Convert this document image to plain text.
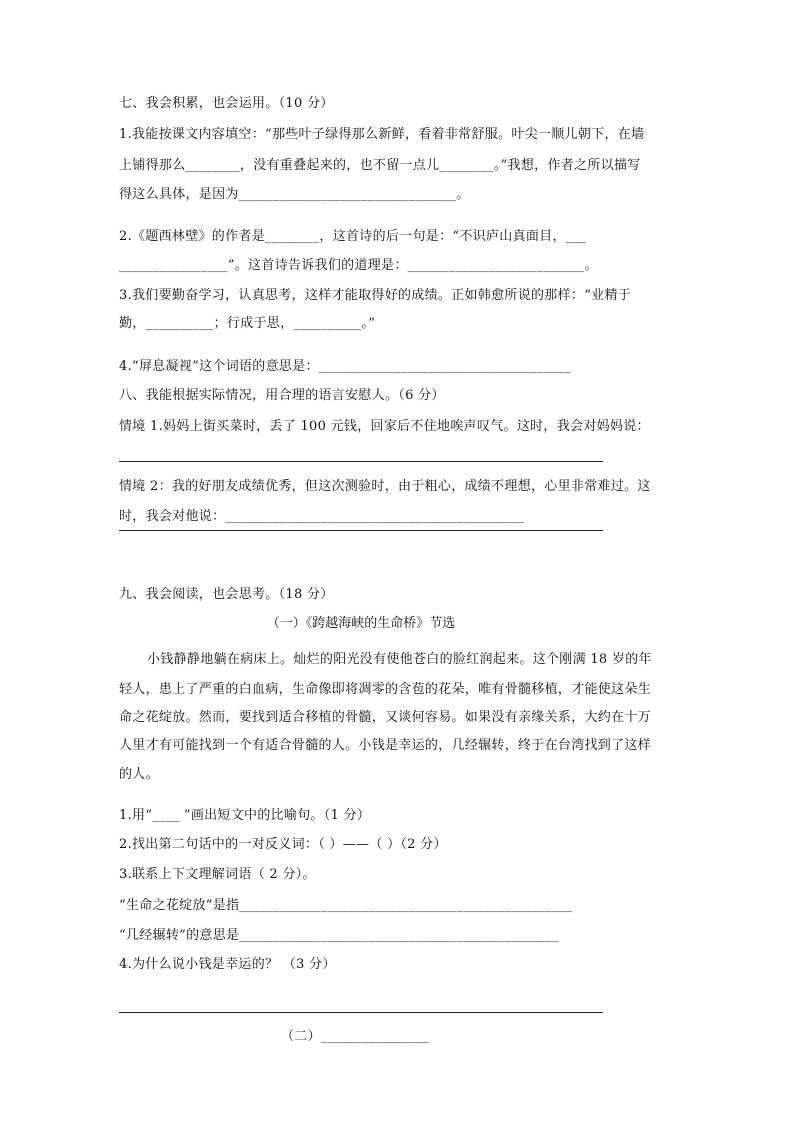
七、我会积累，也会运用。（10 分）
1.我能按课文内容填空：“那些叶子绿得那么新鲜，看着非常舒服。叶尖一顺儿朝下，在墙
上铺得那么________，没有重叠起来的，也不留一点儿________。”我想，作者之所以描写
得这么具体，是因为________________________________。
2.《题西林壁》的作者是________，这首诗的后一句是：“不识庐山真面目，___
________________”。这首诗告诉我们的道理是：__________________________。
3.我们要勤奋学习，认真思考，这样才能取得好的成绩。正如韩愈所说的那样：“业精于
勤，__________；行成于思，__________。”
4.“屏息凝视”这个词语的意思是：_____________________________________
八、我能根据实际情况，用合理的语言安慰人。（6 分）
情境 1.妈妈上街买菜时，丢了 100 元钱，回家后不住地唉声叹气。这时，我会对妈妈说：
情境 2：我的好朋友成绩优秀，但这次测验时，由于粗心，成绩不理想，心里非常难过。这
时，我会对他说：____________________________________________
九、我会阅读，也会思考。（18 分）
（一）《跨越海峡的生命桥》节选
小钱静静地躺在病床上。灿烂的阳光没有使他苍白的脸红润起来。这个刚满 18 岁的年
轻人，患上了严重的白血病，生命像即将凋零的含苞的花朵，唯有骨髓移植，才能使这朵生
命之花绽放。然而，要找到适合移植的骨髓，又谈何容易。如果没有亲缘关系，大约在十万
人里才有可能找到一个有适合骨髓的人。小钱是幸运的，几经辗转，终于在台湾找到了这样
的人。
1.用“____ ”画出短文中的比喻句。（1 分）
2.找出第二句话中的一对反义词：（ ）——（ ）（2 分）
3.联系上下文理解词语（ 2 分）。
“生命之花绽放”是指_________________________________________________
“几经辗转”的意思是_______________________________________________
4.为什么说小钱是幸运的？ （3 分）
（二）________________
